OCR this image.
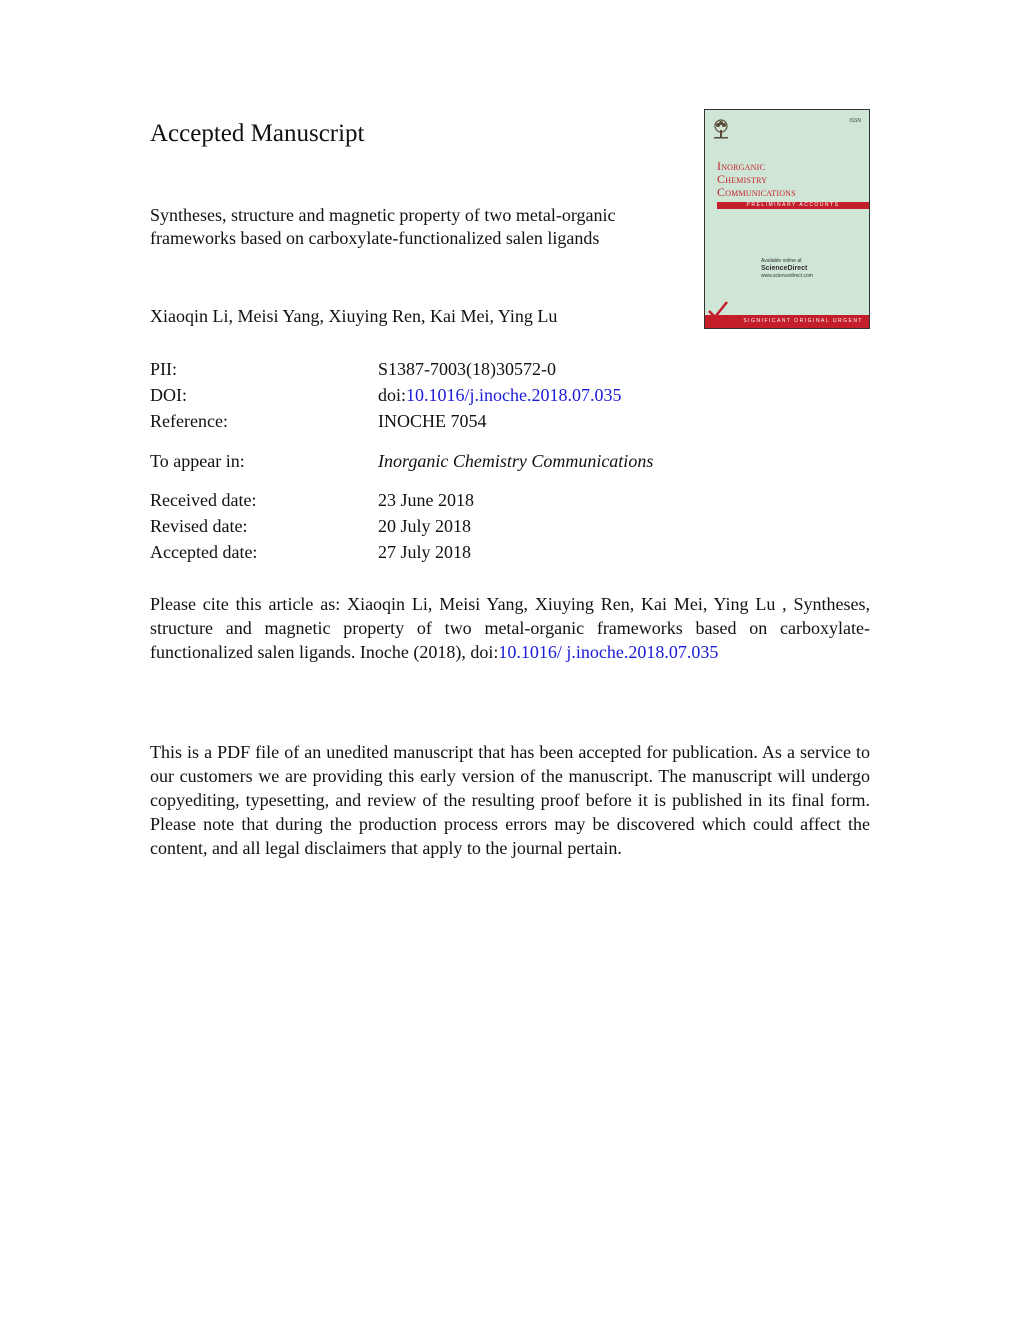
Accepted Manuscript	ISSN
Inorganic
Chemistry
Communications
PRELIMINARY ACCOUNTS
Available online at
ScienceDirect
www.sciencedirect.com
SIGNIFICANT ORIGINAL URGENT
Syntheses, structure and magnetic property of two metal-organic frameworks based on carboxylate-functionalized salen ligands
Xiaoqin Li, Meisi Yang, Xiuying Ren, Kai Mei, Ying Lu
PII:	S1387-7003(18)30572-0
DOI:	doi:10.1016/j.inoche.2018.07.035
Reference:	INOCHE 7054
To appear in:	Inorganic Chemistry Communications
Received date:	23 June 2018
Revised date:	20 July 2018
Accepted date:	27 July 2018
Please cite this article as: Xiaoqin Li, Meisi Yang, Xiuying Ren, Kai Mei, Ying Lu , Syntheses, structure and magnetic property of two metal-organic frameworks based on carboxylate-functionalized salen ligands. Inoche (2018), doi:10.1016/ j.inoche.2018.07.035
This is a PDF file of an unedited manuscript that has been accepted for publication. As a service to our customers we are providing this early version of the manuscript. The manuscript will undergo copyediting, typesetting, and review of the resulting proof before it is published in its final form. Please note that during the production process errors may be discovered which could affect the content, and all legal disclaimers that apply to the journal pertain.
